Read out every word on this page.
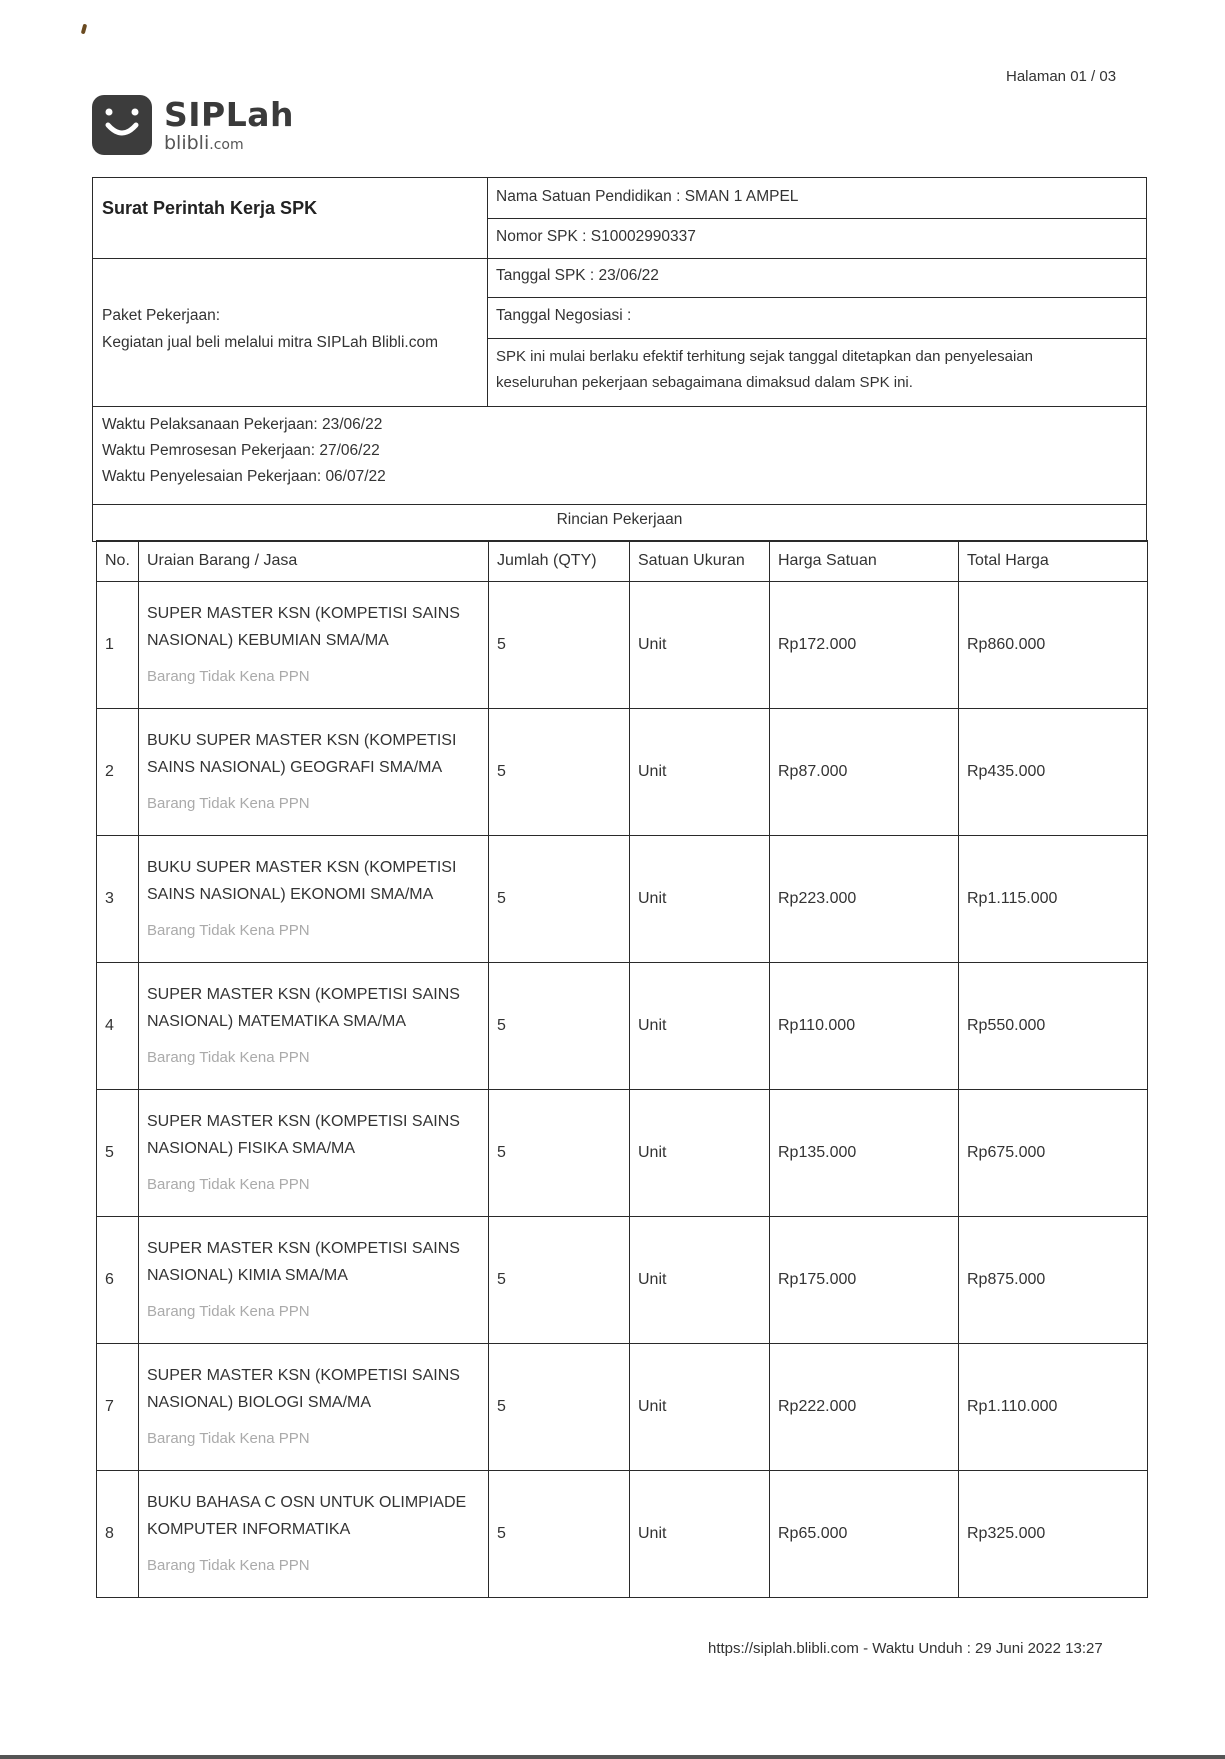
Halaman 01 / 03
SIPLah
blibli.com
Surat Perintah Kerja SPK
Nama Satuan Pendidikan : SMAN 1 AMPEL
Nomor SPK : S10002990337
Tanggal SPK : 23/06/22
Tanggal Negosiasi :
Paket Pekerjaan:
Kegiatan jual beli melalui mitra SIPLah Blibli.com
SPK ini mulai berlaku efektif terhitung sejak tanggal ditetapkan dan penyelesaian
keseluruhan pekerjaan sebagaimana dimaksud dalam SPK ini.
Waktu Pelaksanaan Pekerjaan: 23/06/22
Waktu Pemrosesan Pekerjaan: 27/06/22
Waktu Penyelesaian Pekerjaan: 06/07/22
Rincian Pekerjaan
No.	Uraian Barang / Jasa	Jumlah (QTY)	Satuan Ukuran	Harga Satuan	Total Harga
1	SUPER MASTER KSN (KOMPETISI SAINS
NASIONAL) KEBUMIAN SMA/MA
Barang Tidak Kena PPN	5	Unit	Rp172.000	Rp860.000
2	BUKU SUPER MASTER KSN (KOMPETISI
SAINS NASIONAL) GEOGRAFI SMA/MA
Barang Tidak Kena PPN	5	Unit	Rp87.000	Rp435.000
3	BUKU SUPER MASTER KSN (KOMPETISI
SAINS NASIONAL) EKONOMI SMA/MA
Barang Tidak Kena PPN	5	Unit	Rp223.000	Rp1.115.000
4	SUPER MASTER KSN (KOMPETISI SAINS
NASIONAL) MATEMATIKA SMA/MA
Barang Tidak Kena PPN	5	Unit	Rp110.000	Rp550.000
5	SUPER MASTER KSN (KOMPETISI SAINS
NASIONAL) FISIKA SMA/MA
Barang Tidak Kena PPN	5	Unit	Rp135.000	Rp675.000
6	SUPER MASTER KSN (KOMPETISI SAINS
NASIONAL) KIMIA SMA/MA
Barang Tidak Kena PPN	5	Unit	Rp175.000	Rp875.000
7	SUPER MASTER KSN (KOMPETISI SAINS
NASIONAL) BIOLOGI SMA/MA
Barang Tidak Kena PPN	5	Unit	Rp222.000	Rp1.110.000
8	BUKU BAHASA C OSN UNTUK OLIMPIADE
KOMPUTER INFORMATIKA
Barang Tidak Kena PPN	5	Unit	Rp65.000	Rp325.000
https://siplah.blibli.com - Waktu Unduh : 29 Juni 2022 13:27
